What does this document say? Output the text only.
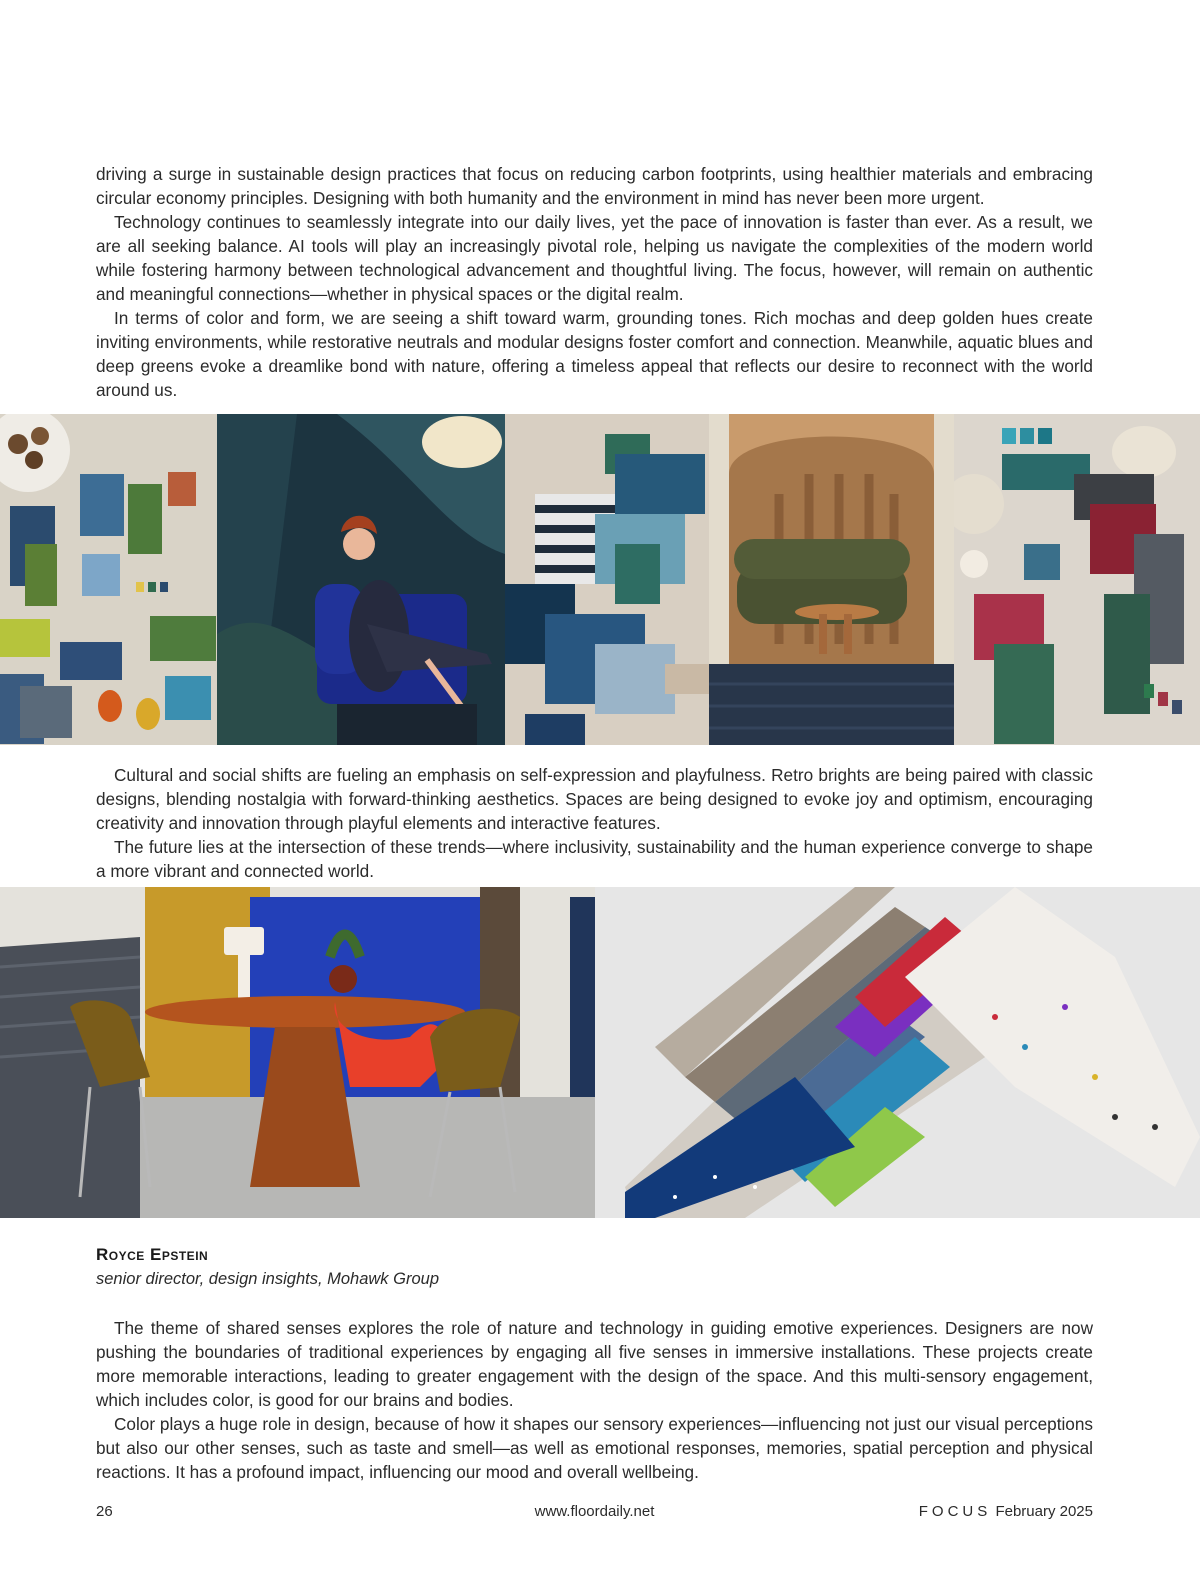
driving a surge in sustainable design practices that focus on reducing carbon footprints, using healthier materials and embracing circular economy principles. Designing with both humanity and the environment in mind has never been more urgent.

Technology continues to seamlessly integrate into our daily lives, yet the pace of innovation is faster than ever. As a result, we are all seeking balance. AI tools will play an increasingly pivotal role, helping us navigate the complexities of the modern world while fostering harmony between technological advancement and thoughtful living. The focus, however, will remain on authentic and meaningful connections—whether in physical spaces or the digital realm.

In terms of color and form, we are seeing a shift toward warm, grounding tones. Rich mochas and deep golden hues create inviting environments, while restorative neutrals and modular designs foster comfort and connection. Meanwhile, aquatic blues and deep greens evoke a dreamlike bond with nature, offering a timeless appeal that reflects our desire to reconnect with the world around us.

Cultural and social shifts are fueling an emphasis on self-expression and playfulness. Retro brights are being paired with classic designs, blending nostalgia with forward-thinking aesthetics. Spaces are being designed to evoke joy and optimism, encouraging creativity and innovation through playful elements and interactive features.

The future lies at the intersection of these trends—where inclusivity, sustainability and the human experience converge to shape a more vibrant and connected world.

Royce Epstein
senior director, design insights, Mohawk Group

The theme of shared senses explores the role of nature and technology in guiding emotive experiences. Designers are now pushing the boundaries of traditional experiences by engaging all five senses in immersive installations. These projects create more memorable interactions, leading to greater engagement with the design of the space. And this multi-sensory engagement, which includes color, is good for our brains and bodies.

Color plays a huge role in design, because of how it shapes our sensory experiences—influencing not just our visual perceptions but also our other senses, such as taste and smell—as well as emotional responses, memories, spatial perception and physical reactions. It has a profound impact, influencing our mood and overall wellbeing.

26	www.floordaily.net	FOCUS February 2025
